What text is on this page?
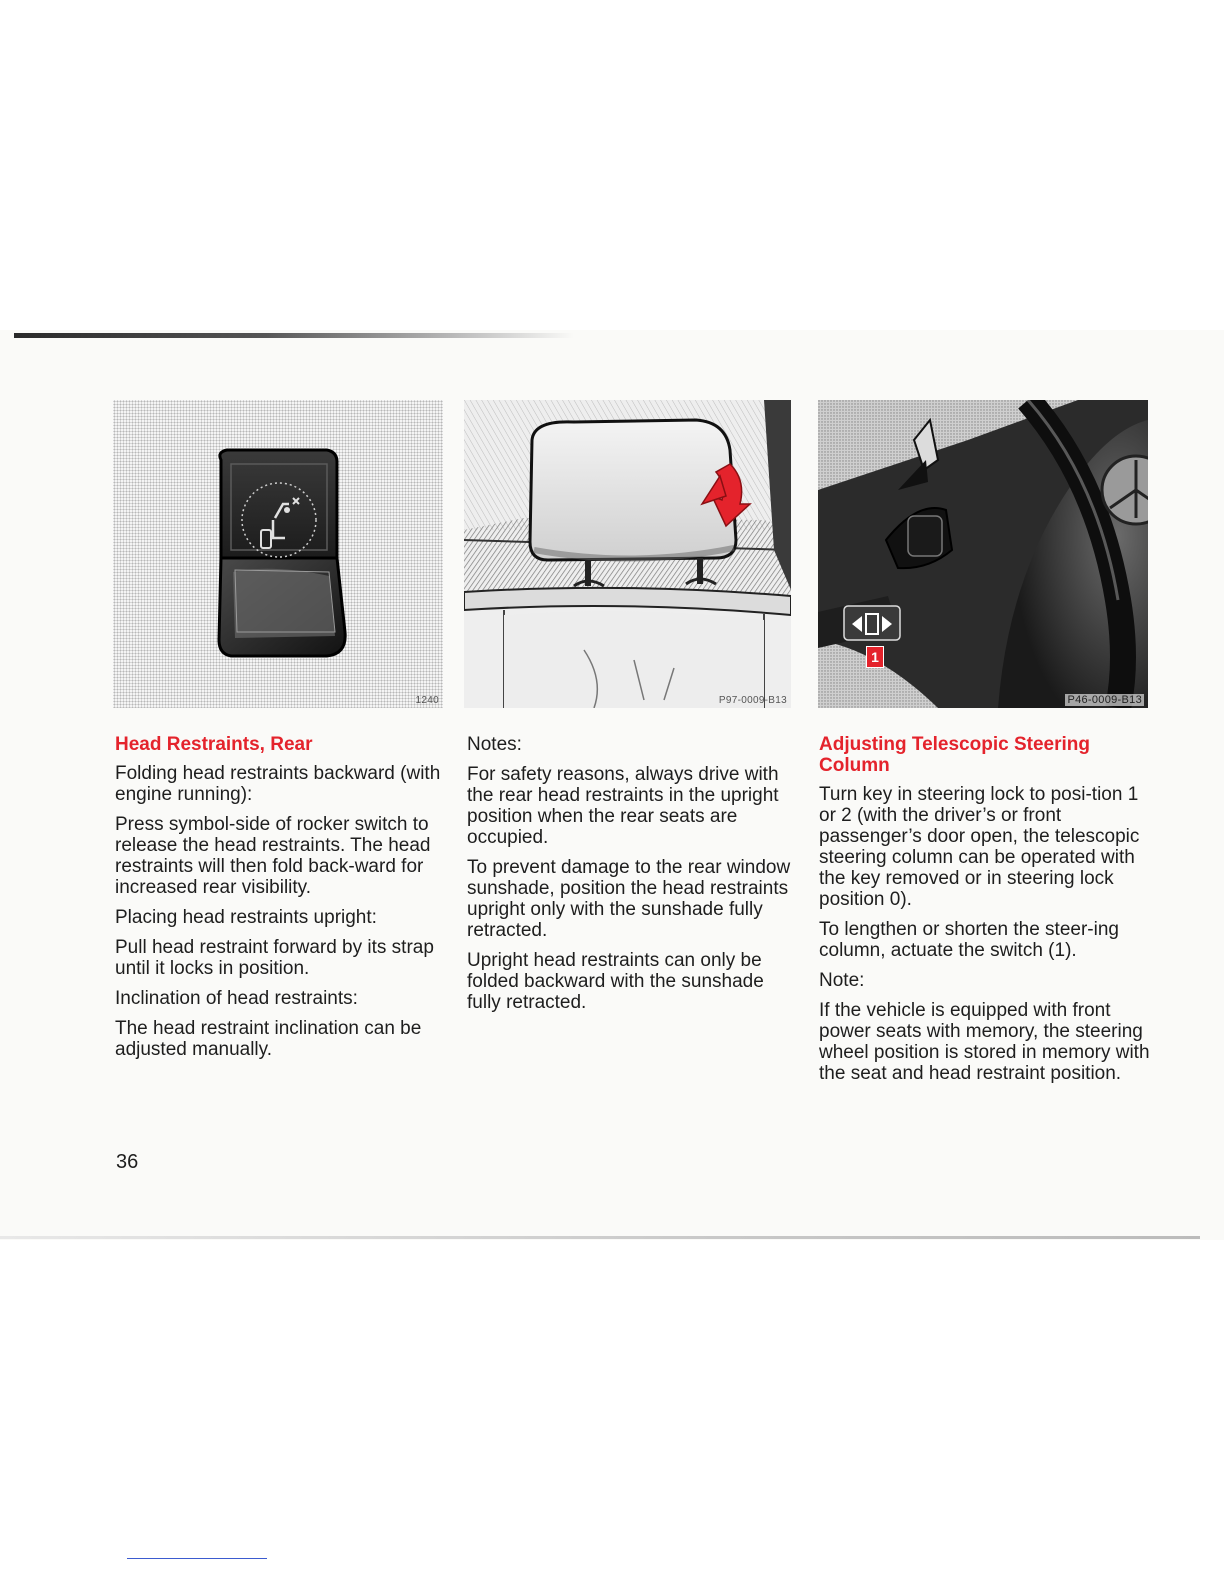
1240	P97-0009-B13
1
P46-0009-B13
Head Restraints, Rear

Folding head restraints backward (with engine running):

Press symbol-side of rocker switch to release the head restraints. The head restraints will then fold back-ward for increased rear visibility.

Placing head restraints upright:

Pull head restraint forward by its strap until it locks in position.

Inclination of head restraints:

The head restraint inclination can be adjusted manually.

Notes:

For safety reasons, always drive with the rear head restraints in the upright position when the rear seats are occupied.

To prevent damage to the rear window sunshade, position the head restraints upright only with the sunshade fully retracted.

Upright head restraints can only be folded backward with the sunshade fully retracted.

Adjusting Telescopic Steering Column

Turn key in steering lock to posi-tion 1 or 2 (with the driver’s or front passenger’s door open, the telescopic steering column can be operated with the key removed or in steering lock position 0).

To lengthen or shorten the steer-ing column, actuate the switch (1).

Note:

If the vehicle is equipped with front power seats with memory, the steering wheel position is stored in memory with the seat and head restraint position.

36
